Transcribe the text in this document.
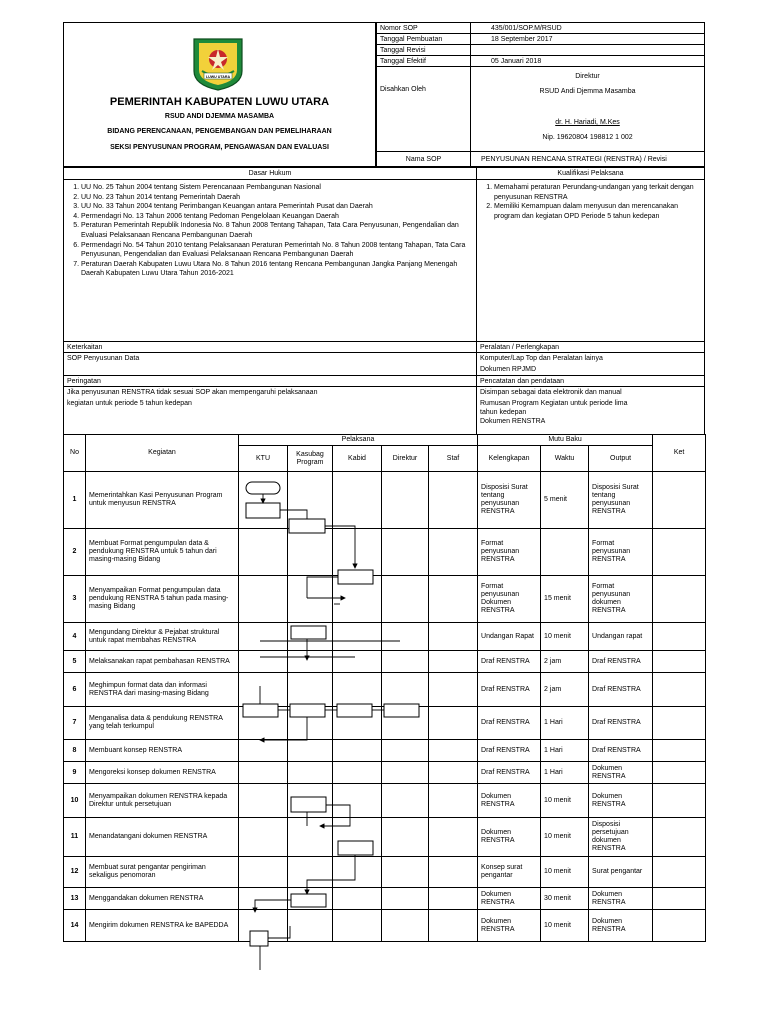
LUWU UTARA
PEMERINTAH KABUPATEN LUWU UTARA
RSUD ANDI DJEMMA MASAMBA
BIDANG PERENCANAAN, PENGEMBANGAN DAN PEMELIHARAAN
SEKSI PENYUSUNAN PROGRAM, PENGAWASAN DAN EVALUASI
Nomor SOP	435/001/SOP.M/RSUD
Tanggal Pembuatan	18 September 2017
Tanggal Revisi
Tanggal Efektif	05 Januari 2018
Disahkan Oleh
Direktur
RSUD Andi Djemma Masamba
dr. H. Hariadi, M.Kes
Nip. 19620804 198812 1 002
Nama SOP	PENYUSUNAN RENCANA STRATEGI (RENSTRA) / Revisi
Dasar Hukum	Kualifikasi Pelaksana
1. UU No. 25 Tahun 2004 tentang Sistem Perencanaan Pembangunan Nasional
2. UU No. 23 Tahun 2014 tentang Pemerintah Daerah
3. UU No. 33 Tahun 2004 tentang Perimbangan Keuangan antara Pemerintah Pusat dan Daerah
4. Permendagri No. 13 Tahun 2006 tentang Pedoman Pengelolaan Keuangan Daerah
5. Peraturan Pemerintah Republik Indonesia No. 8 Tahun 2008 Tentang Tahapan, Tata Cara Penyusunan, Pengendalian dan Evaluasi Pelaksanaan Rencana Pembangunan Daerah
6. Permendagri No. 54 Tahun 2010 tentang Pelaksanaan Peraturan Pemerintah No. 8 Tahun 2008 tentang Tahapan, Tata Cara Penyusunan, Pengendalian dan Evaluasi Pelaksanaan Rencana Pembangunan Daerah
7. Peraturan Daerah Kabupaten Luwu Utara No. 8 Tahun 2016 tentang Rencana Pembangunan Jangka Panjang Menengah Daerah Kabupaten Luwu Utara Tahun 2016-2021
1. Memahami peraturan Perundang-undangan yang terkait dengan penyusunan RENSTRA
2. Memiliki Kemampuan dalam menyusun dan merencanakan program dan kegiatan OPD Periode 5 tahun kedepan
Keterkaitan	Peralatan / Perlengkapan
SOP Penyusunan Data	Komputer/Lap Top dan Peralatan lainya
Dokumen RPJMD
Peringatan	Pencatatan dan pendataan
Jika penyusunan RENSTRA tidak sesuai SOP akan mempengaruhi pelaksanaan
kegiatan untuk periode 5 tahun kedepan
Disimpan sebagai data elektronik dan manual
Rumusan Program Kegiatan untuk periode lima
tahun kedepan
Dokumen RENSTRA
No	Kegiatan	Pelaksana					Mutu Baku			Ket
		KTU	Kasubag Program	Kabid	Direktur	Staf	Kelengkapan	Waktu	Output	
1	Memerintahkan Kasi Penyusunan Program untuk menyusun RENSTRA						Disposisi Surat tentang penyusunan RENSTRA	5 menit	Disposisi Surat tentang penyusunan RENSTRA	
2	Membuat Format pengumpulan data & pendukung RENSTRA untuk 5 tahun dari masing-masing Bidang						Format penyusunan RENSTRA		Format penyusunan RENSTRA	
3	Menyampaikan Format pengumpulan data pendukung RENSTRA 5 tahun pada masing-masing Bidang						Format penyusunan Dokumen RENSTRA	15 menit	Format penyusunan dokumen RENSTRA	
4	Mengundang Direktur & Pejabat struktural untuk rapat membahas RENSTRA						Undangan Rapat	10 menit	Undangan rapat	
5	Melaksanakan rapat pembahasan RENSTRA						Draf RENSTRA	2 jam	Draf RENSTRA	
6	Meghimpun format data dan informasi RENSTRA dari masing-masing Bidang						Draf RENSTRA	2 jam	Draf RENSTRA	
7	Menganalisa data & pendukung RENSTRA yang telah terkumpul						Draf RENSTRA	1 Hari	Draf RENSTRA	
8	Membuant konsep RENSTRA						Draf RENSTRA	1 Hari	Draf RENSTRA	
9	Mengoreksi konsep dokumen RENSTRA						Draf RENSTRA	1 Hari	Dokumen RENSTRA	
10	Menyampaikan dokumen RENSTRA kepada Direktur untuk persetujuan						Dokumen RENSTRA	10 menit	Dokumen RENSTRA	
11	Menandatangani dokumen RENSTRA						Dokumen RENSTRA	10 menit	Disposisi persetujuan dokumen RENSTRA	
12	Membuat surat pengantar pengiriman sekaligus penomoran						Konsep surat pengantar	10 menit	Surat pengantar	
13	Menggandakan dokumen RENSTRA						Dokumen RENSTRA	30 menit	Dokumen RENSTRA	
14	Mengirim dokumen RENSTRA ke BAPEDDA						Dokumen RENSTRA	10 menit	Dokumen RENSTRA	
